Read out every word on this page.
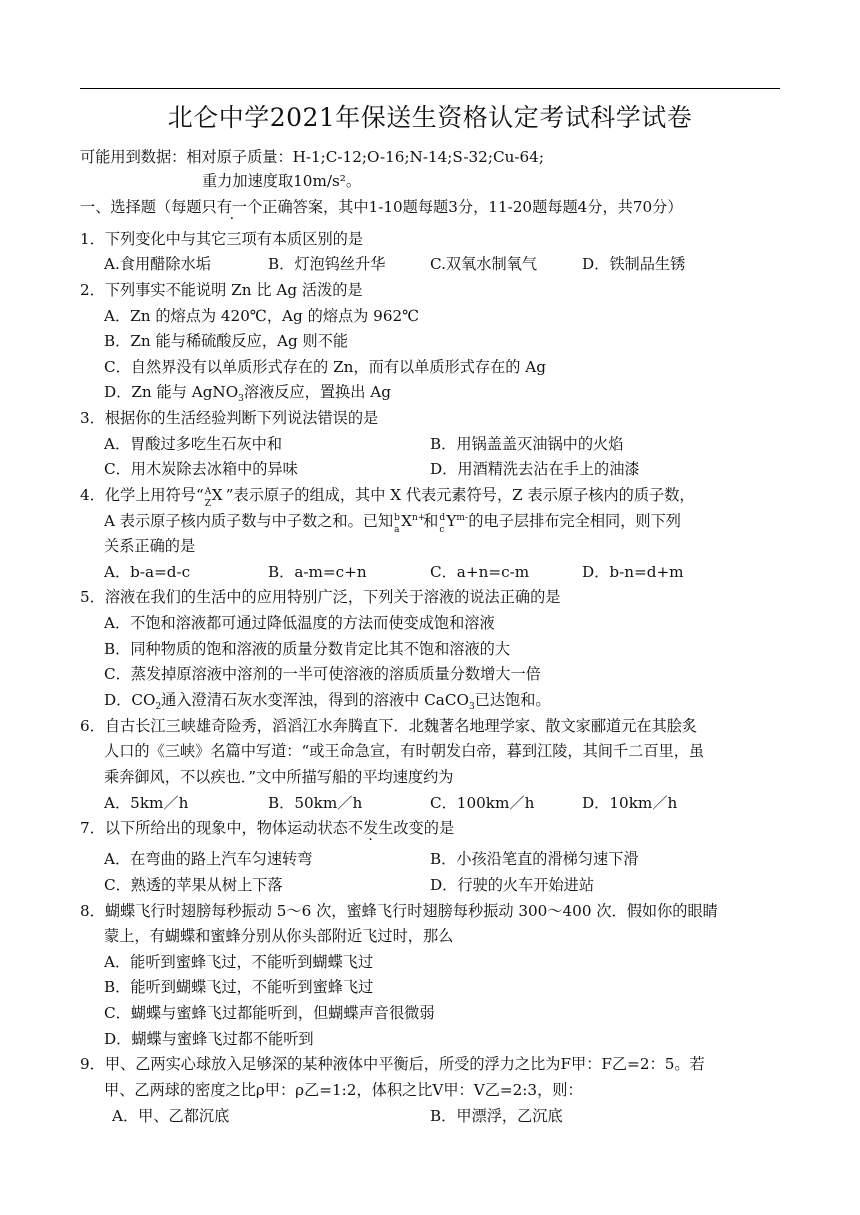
北仑中学2021年保送生资格认定考试科学试卷
可能用到数据：相对原子质量：H-1;C-12;O-16;N-14;S-32;Cu-64;
重力加速度取10m/s²。
一、选择题（每题只有一个正确答案，其中1-10题每题3分，11-20题每题4分，共70分）
1．下列变化中与其它三项有本质区别的是
A.食用醋除水垢	B．灯泡钨丝升华	C.双氧水制氧气	D．铁制品生锈
2．下列事实不能说明 Zn 比 Ag 活泼的是
A．Zn 的熔点为 420℃，Ag 的熔点为 962℃
B．Zn 能与稀硫酸反应，Ag 则不能
C．自然界没有以单质形式存在的 Zn，而有以单质形式存在的 Ag
D．Zn 能与 AgNO$_3$溶液反应，置换出 Ag
3．根据你的生活经验判断下列说法错误的是
A．胃酸过多吃生石灰中和	B．用锅盖盖灭油锅中的火焰
C．用木炭除去冰箱中的异味	D．用酒精洗去沾在手上的油漆
4．化学上用符号“ A
Z X ”表示原子的组成，其中 X 代表元素符号，Z 表示原子核内的质子数，
A 表示原子核内质子数与中子数之和。已知 b
a $X^{n+}$
和 d
c $Y^{m-}$ 的电子层排布完全相同，则下列
关系正确的是
A．b-a=d-c	B．a-m=c+n	C．a+n=c-m	D．b-n=d+m
5．溶液在我们的生活中的应用特别广泛，下列关于溶液的说法正确的是
A．不饱和溶液都可通过降低温度的方法而使变成饱和溶液
B．同种物质的饱和溶液的质量分数肯定比其不饱和溶液的大
C．蒸发掉原溶液中溶剂的一半可使溶液的溶质质量分数增大一倍
D．$CO_2$通入澄清石灰水变浑浊，得到的溶液中 CaCO$_3$已达饱和。
6．自古长江三峡雄奇险秀，滔滔江水奔腾直下．北魏著名地理学家、散文家郦道元在其脍炙
人口的《三峡》名篇中写道：“或王命急宣，有时朝发白帝，暮到江陵，其间千二百里，虽
乘奔御风，不以疾也．”文中所描写船的平均速度约为
A．5km／h	B．50km／h	C．100km／h	D．10km／h
7．以下所给出的现象中，物体运动状态不发生改变的是
A．在弯曲的路上汽车匀速转弯	B．小孩沿笔直的滑梯匀速下滑
C．熟透的苹果从树上下落	D．行驶的火车开始进站
8．蝴蝶飞行时翅膀每秒振动 5～6 次，蜜蜂飞行时翅膀每秒振动 300～400 次．假如你的眼睛
蒙上，有蝴蝶和蜜蜂分别从你头部附近飞过时，那么
A．能听到蜜蜂飞过，不能听到蝴蝶飞过
B．能听到蝴蝶飞过，不能听到蜜蜂飞过
C．蝴蝶与蜜蜂飞过都能听到，但蝴蝶声音很微弱
D．蝴蝶与蜜蜂飞过都不能听到
9．甲、乙两实心球放入足够深的某种液体中平衡后，所受的浮力之比为F甲：F乙=2：5。若
甲、乙两球的密度之比ρ甲：ρ乙=1:2，体积之比V甲：V乙=2:3，则：
A．甲、乙都沉底	B．甲漂浮，乙沉底
